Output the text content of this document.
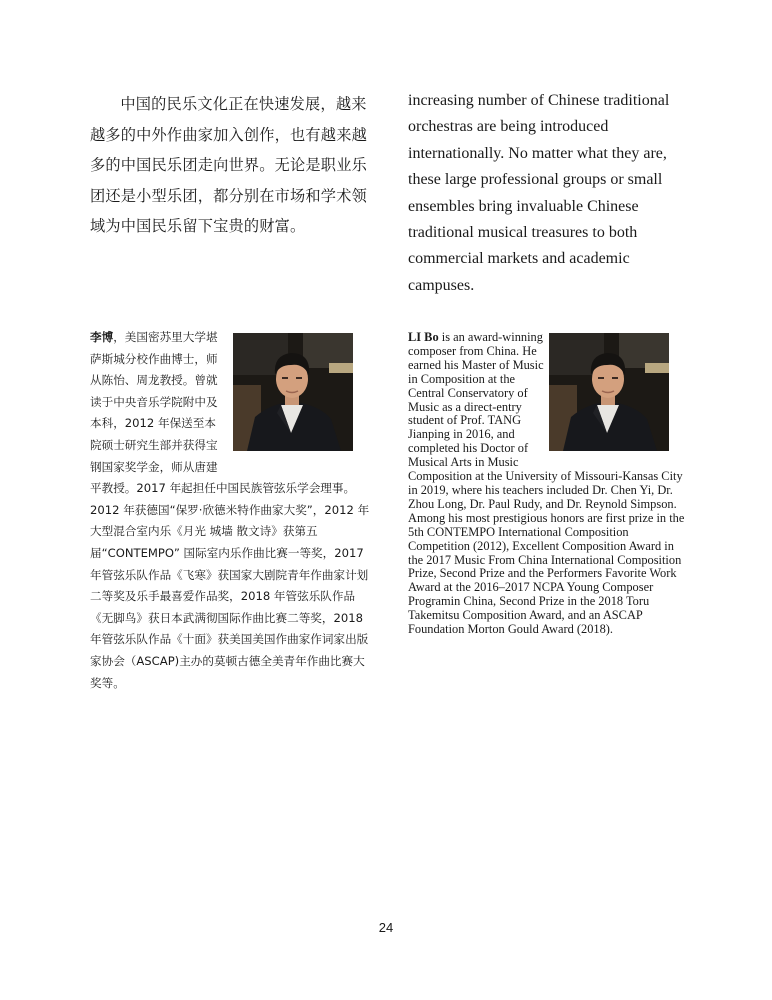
中国的民乐文化正在快速发展，越来越多的中外作曲家加入创作，也有越来越多的中国民乐团走向世界。无论是职业乐团还是小型乐团，都分别在市场和学术领域为中国民乐留下宝贵的财富。

increasing number of Chinese traditional orchestras are being introduced internationally. No matter what they are, these large professional groups or small ensembles bring invaluable Chinese traditional musical treasures to both commercial markets and academic campuses.

李博，美国密苏里大学堪萨斯城分校作曲博士，师从陈怡、周龙教授。曾就读于中央音乐学院附中及本科，2012 年保送至本院硕士研究生部并获得宝钢国家奖学金，师从唐建平教授。2017 年起担任中国民族管弦乐学会理事。2012 年获德国“保罗·欣德米特作曲家大奖”，2012 年大型混合室内乐《月光 城墙 散文诗》获第五届“CONTEMPO” 国际室内乐作曲比赛一等奖，2017 年管弦乐队作品《飞寒》获国家大剧院青年作曲家计划二等奖及乐手最喜爱作品奖，2018 年管弦乐队作品《无脚鸟》获日本武满彻国际作曲比赛二等奖，2018 年管弦乐队作品《十面》获美国美国作曲家作词家出版家协会（ASCAP)主办的莫顿古德全美青年作曲比赛大奖等。

LI Bo is an award-winning composer from China. He earned his Master of Music in Composition at the Central Conservatory of Music as a direct-entry student of Prof. TANG Jianping in 2016, and completed his Doctor of Musical Arts in Music Composition at the University of Missouri-Kansas City in 2019, where his teachers included Dr. Chen Yi, Dr. Zhou Long, Dr. Paul Rudy, and Dr. Reynold Simpson. Among his most prestigious honors are first prize in the 5th CONTEMPO International Composition Competition (2012), Excellent Composition Award in the 2017 Music From China International Composition Prize, Second Prize and the Performers Favorite Work Award at the 2016–2017 NCPA Young Composer Programin China, Second Prize in the 2018 Toru Takemitsu Composition Award, and an ASCAP Foundation Morton Gould Award (2018).

24
